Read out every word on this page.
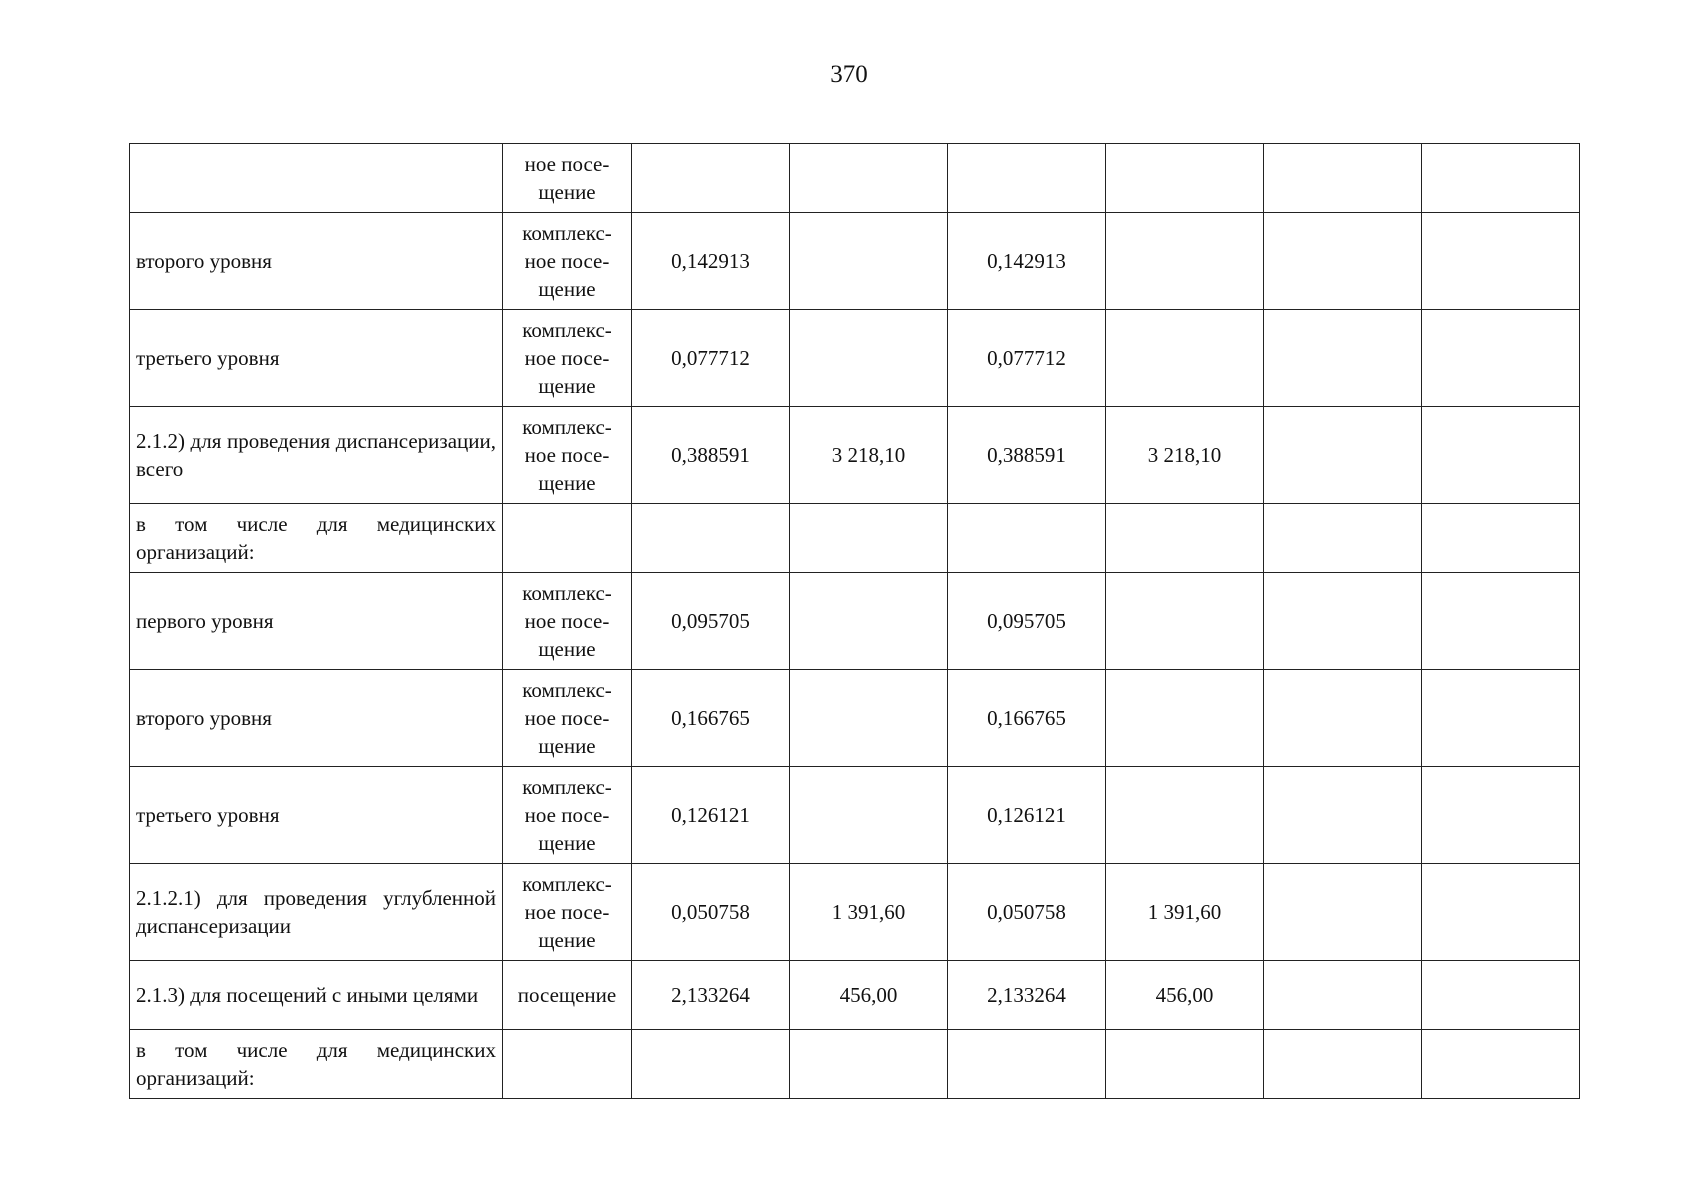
370
	ное посе-
щение						
второго уровня	комплекс-
ное посе-
щение	0,142913		0,142913			
третьего уровня	комплекс-
ное посе-
щение	0,077712		0,077712			
2.1.2) для проведения диспансеризации, всего	комплекс-
ное посе-
щение	0,388591	3 218,10	0,388591	3 218,10		
в том числе для медицинских организаций:							
первого уровня	комплекс-
ное посе-
щение	0,095705		0,095705			
второго уровня	комплекс-
ное посе-
щение	0,166765		0,166765			
третьего уровня	комплекс-
ное посе-
щение	0,126121		0,126121			
2.1.2.1) для проведения углубленной диспансеризации	комплекс-
ное посе-
щение	0,050758	1 391,60	0,050758	1 391,60		
2.1.3) для посещений с иными целями	посещение	2,133264	456,00	2,133264	456,00		
в том числе для медицинских организаций:							
